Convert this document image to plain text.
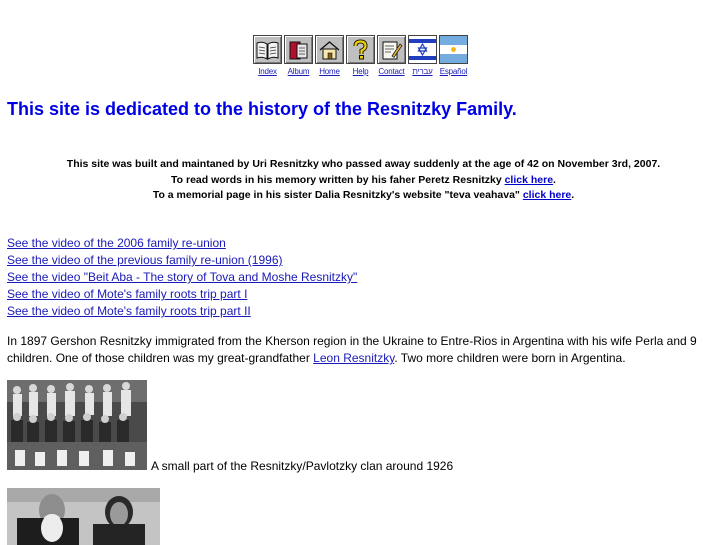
Index Album Home Help Contact עברית Español
This site is dedicated to the history of the Resnitzky Family.
This site was built and maintaned by Uri Resnitzky who passed away suddenly at the age of 42 on November 3rd, 2007.
To read words in his memory written by his faher Peretz Resnitzky click here.
To a memorial page in his sister Dalia Resnitzky's website "teva veahava" click here.
See the video of the 2006 family re-union
See the video of the previous family re-union (1996)
See the video "Beit Aba - The story of Tova and Moshe Resnitzky"
See the video of Mote's family roots trip part I
See the video of Mote's family roots trip part II

In 1897 Gershon Resnitzky immigrated from the Kherson region in the Ukraine to Entre-Rios in Argentina with his wife Perla and 9 children. One of those children was my great-grandfather Leon Resnitzky. Two more children were born in Argentina.

A small part of the Resnitzky/Pavlotzky clan around 1926
